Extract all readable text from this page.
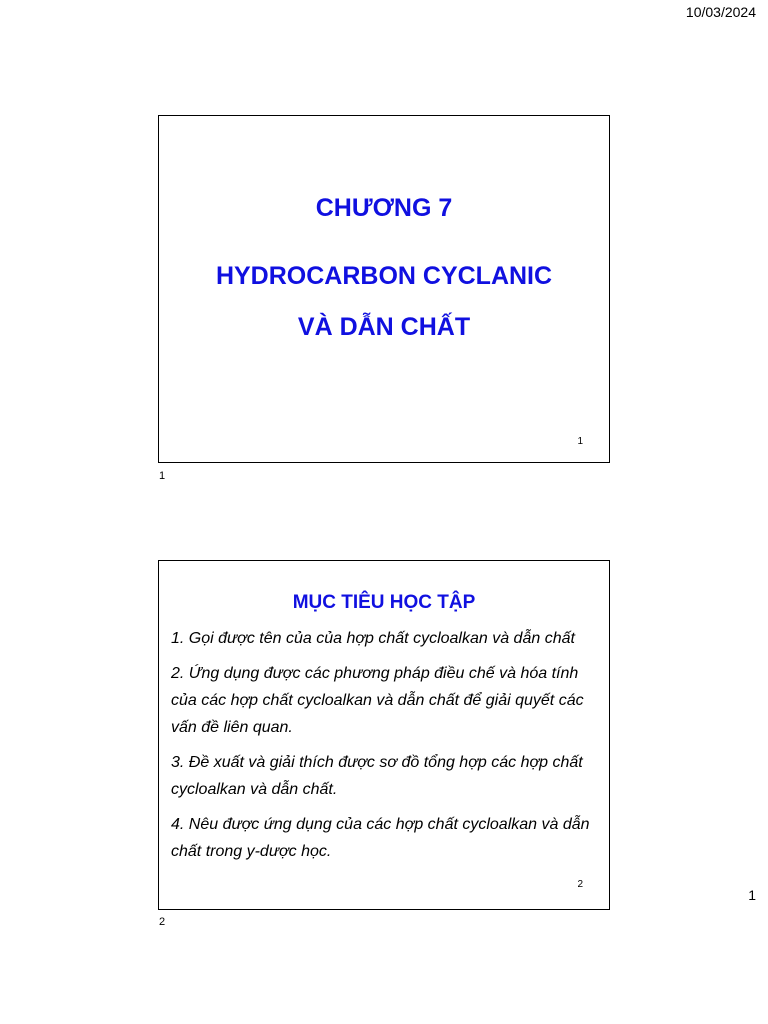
10/03/2024
CHƯƠNG 7
HYDROCARBON CYCLANIC
VÀ DẪN CHẤT
1
1
MỤC TIÊU HỌC TẬP
1. Gọi được tên của của hợp chất cycloalkan và dẫn chất
2. Ứng dụng được các phương pháp điều chế và hóa tính của các hợp chất cycloalkan và dẫn chất để giải quyết các vấn đề liên quan.
3. Đề xuất và giải thích được sơ đồ tổng hợp các hợp chất cycloalkan và dẫn chất.
4. Nêu được ứng dụng của các hợp chất cycloalkan và dẫn chất trong y-dược học.
2
2
1
